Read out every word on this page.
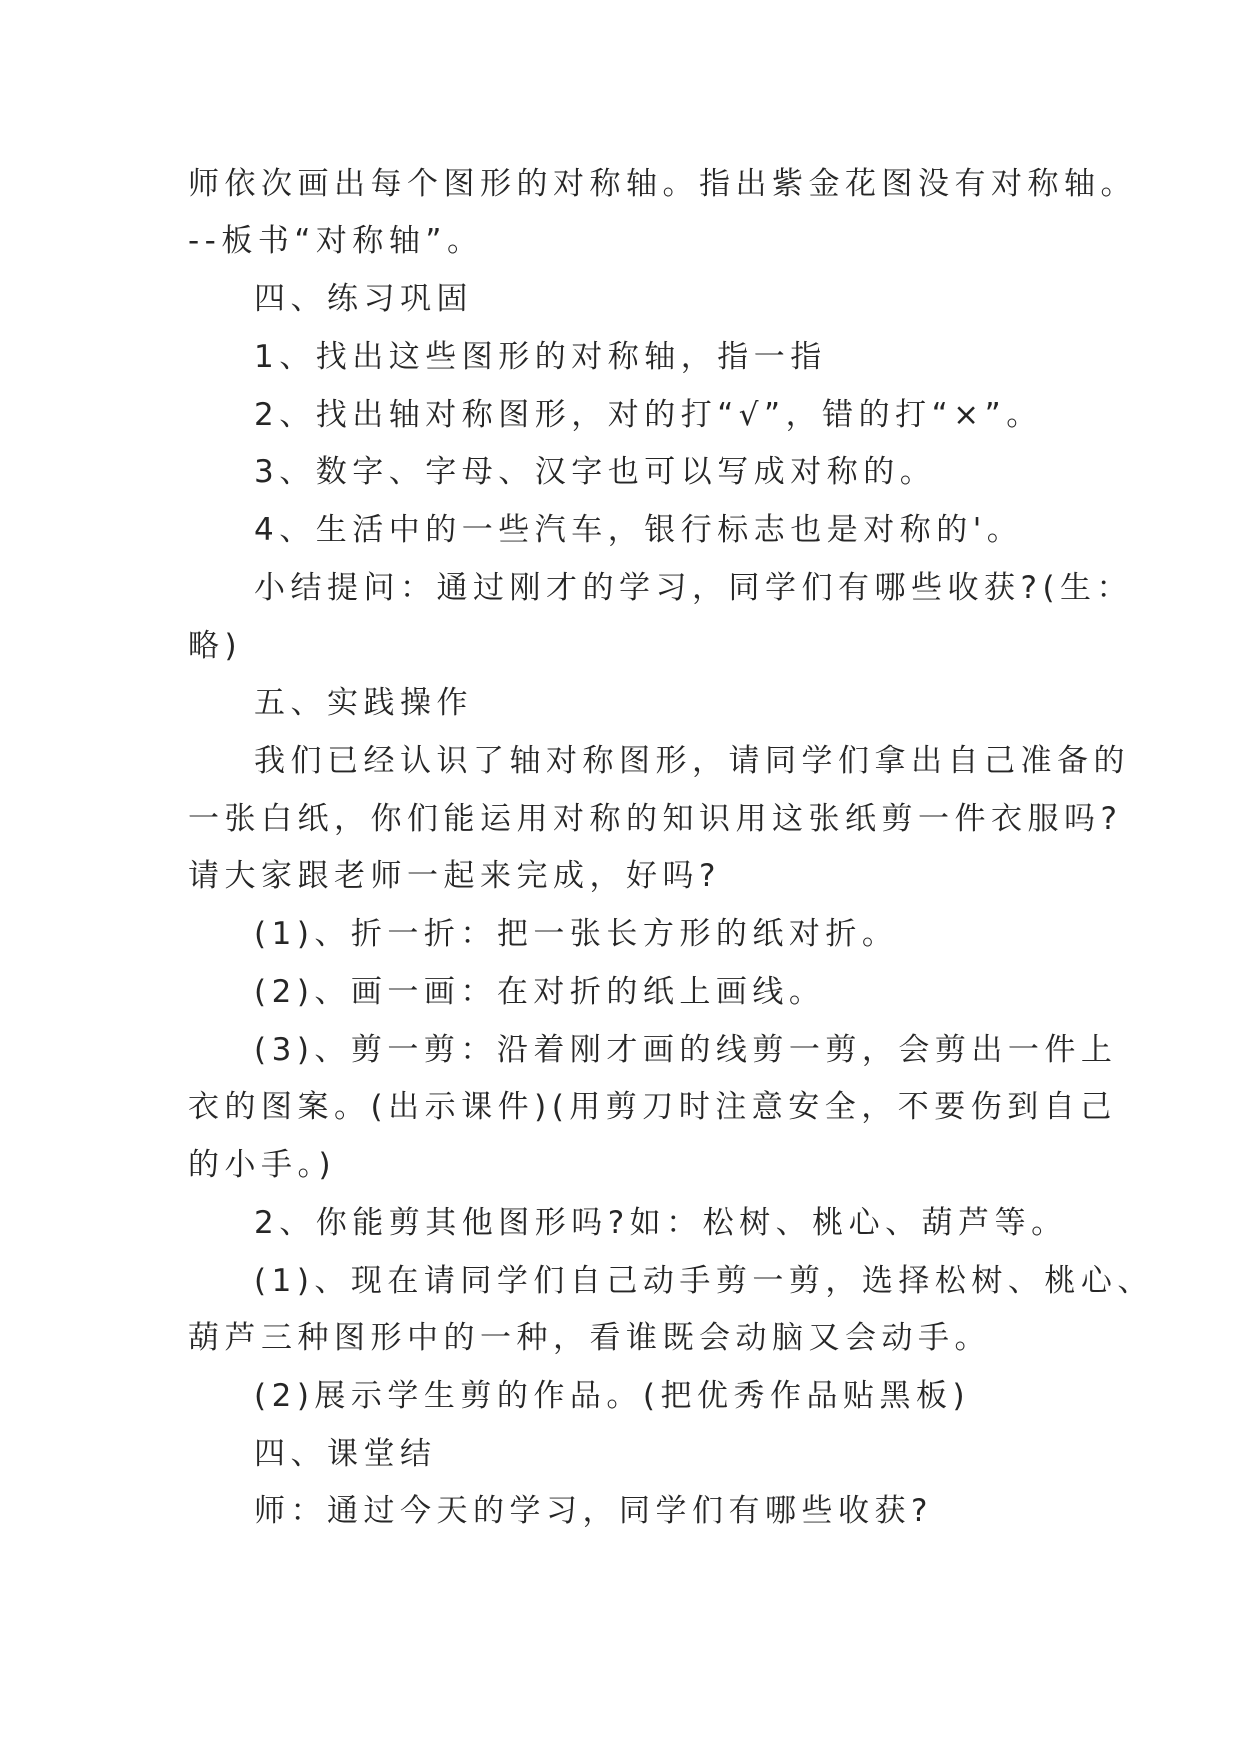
师依次画出每个图形的对称轴。指出紫金花图没有对称轴。
--板书“对称轴”。
四、练习巩固
1、找出这些图形的对称轴，指一指
2、找出轴对称图形，对的打“√”，错的打“×”。
3、数字、字母、汉字也可以写成对称的。
4、生活中的一些汽车，银行标志也是对称的'。
小结提问：通过刚才的学习，同学们有哪些收获?(生：
略)
五、实践操作
我们已经认识了轴对称图形，请同学们拿出自己准备的
一张白纸，你们能运用对称的知识用这张纸剪一件衣服吗?
请大家跟老师一起来完成，好吗?
(1)、折一折：把一张长方形的纸对折。
(2)、画一画：在对折的纸上画线。
(3)、剪一剪：沿着刚才画的线剪一剪，会剪出一件上
衣的图案。(出示课件)(用剪刀时注意安全，不要伤到自己
的小手。)
2、你能剪其他图形吗?如：松树、桃心、葫芦等。
(1)、现在请同学们自己动手剪一剪，选择松树、桃心、
葫芦三种图形中的一种，看谁既会动脑又会动手。
(2)展示学生剪的作品。(把优秀作品贴黑板)
四、课堂结
师：通过今天的学习，同学们有哪些收获?
